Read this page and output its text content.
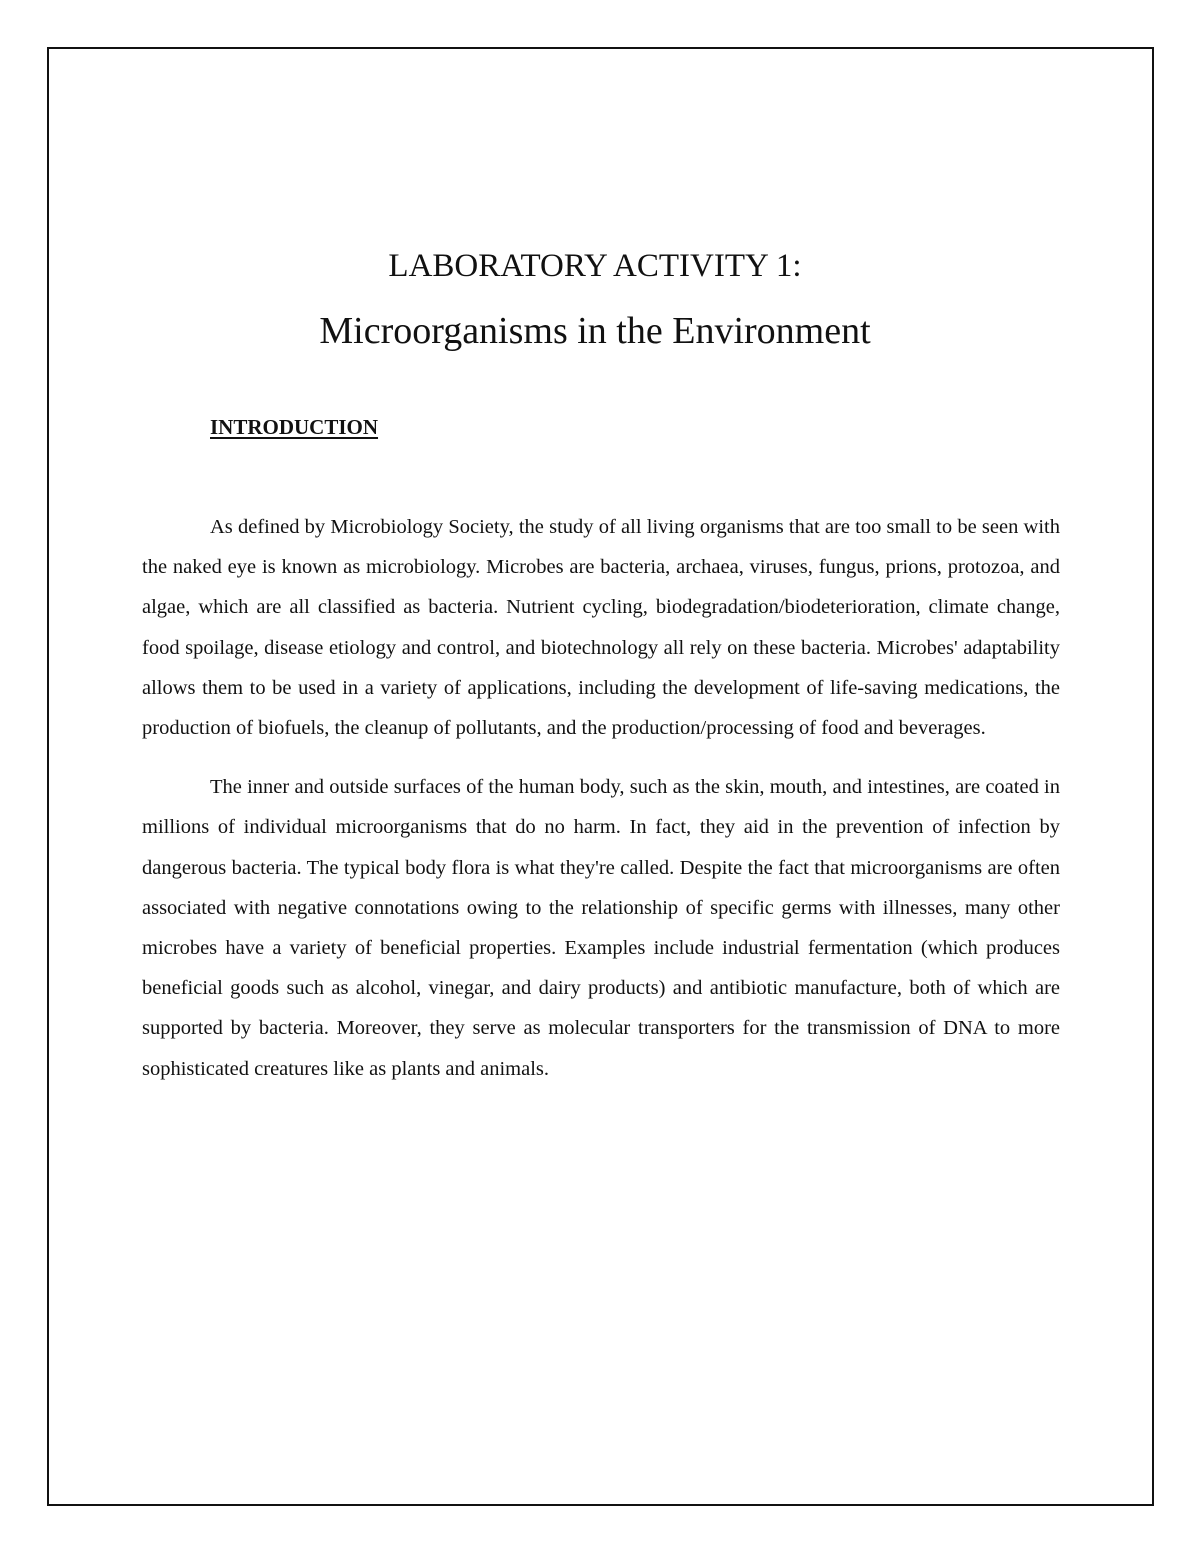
LABORATORY ACTIVITY 1:
Microorganisms in the Environment
INTRODUCTION

As defined by Microbiology Society, the study of all living organisms that are too small to be seen with the naked eye is known as microbiology. Microbes are bacteria, archaea, viruses, fungus, prions, protozoa, and algae, which are all classified as bacteria. Nutrient cycling, biodegradation/biodeterioration, climate change, food spoilage, disease etiology and control, and biotechnology all rely on these bacteria. Microbes' adaptability allows them to be used in a variety of applications, including the development of life-saving medications, the production of biofuels, the cleanup of pollutants, and the production/processing of food and beverages.

The inner and outside surfaces of the human body, such as the skin, mouth, and intestines, are coated in millions of individual microorganisms that do no harm. In fact, they aid in the prevention of infection by dangerous bacteria. The typical body flora is what they're called. Despite the fact that microorganisms are often associated with negative connotations owing to the relationship of specific germs with illnesses, many other microbes have a variety of beneficial properties. Examples include industrial fermentation (which produces beneficial goods such as alcohol, vinegar, and dairy products) and antibiotic manufacture, both of which are supported by bacteria. Moreover, they serve as molecular transporters for the transmission of DNA to more sophisticated creatures like as plants and animals.
